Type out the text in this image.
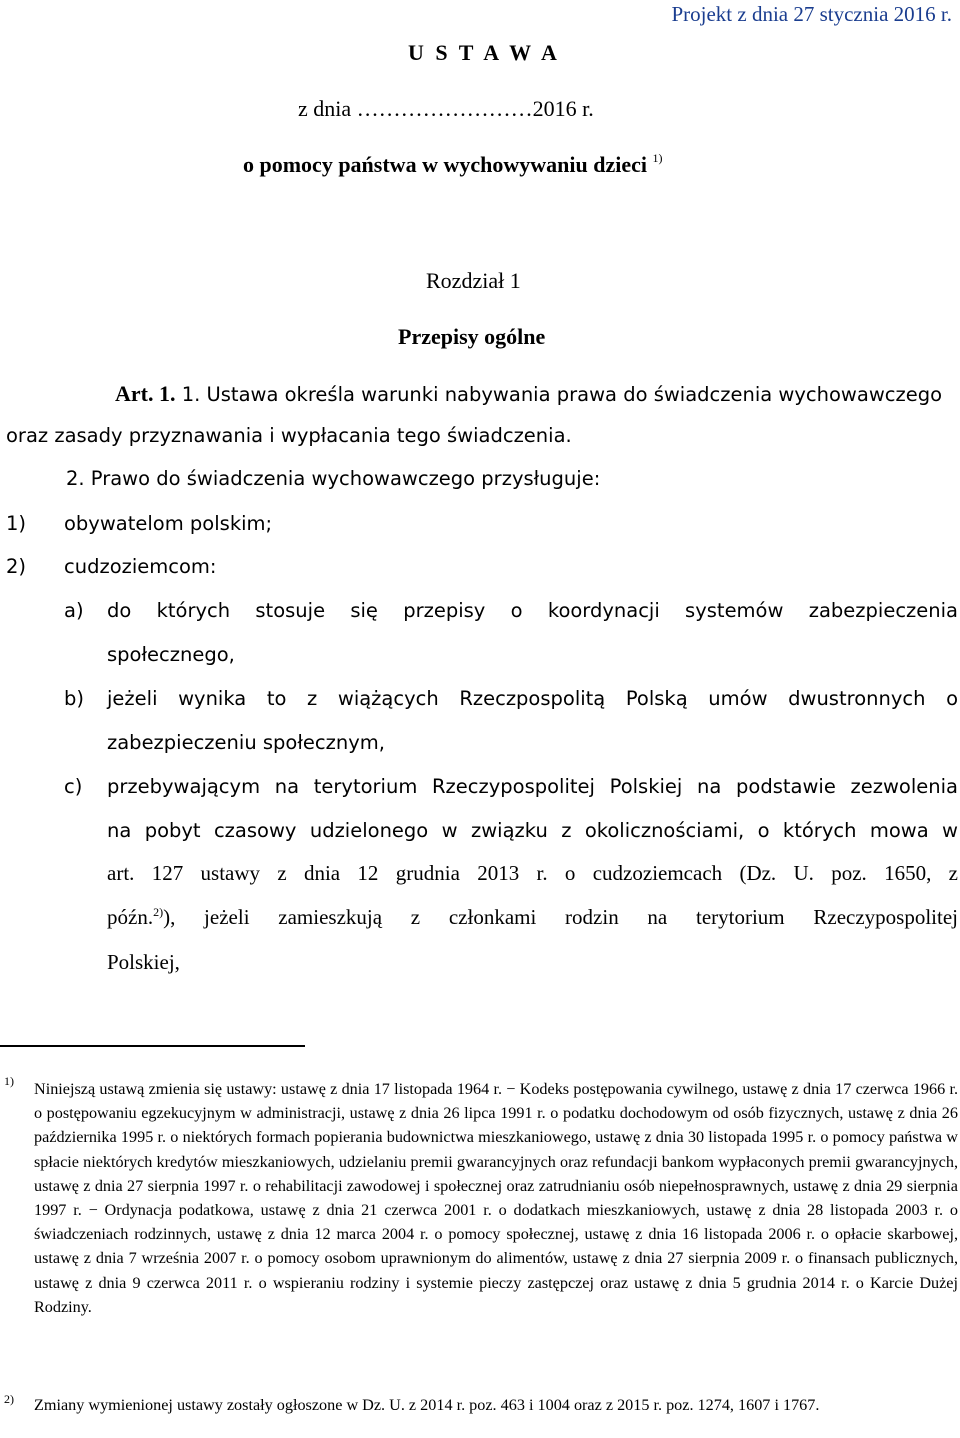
Projekt z dnia 27 stycznia 2016 r.
U S T A W A
z dnia ……………………2016 r.
o pomocy państwa w wychowywaniu dzieci $^{1)}$
Rozdział 1
Przepisy ogólne
Art. 1. 1. Ustawa określa warunki nabywania prawa do świadczenia wychowawczego
oraz zasady przyznawania i wypłacania tego świadczenia.
2. Prawo do świadczenia wychowawczego przysługuje:
1) obywatelom polskim;
2) cudzoziemcom:
a) do których stosuje się przepisy o koordynacji systemów zabezpieczenia
społecznego,
b) jeżeli wynika to z wiążących Rzeczpospolitą Polską umów dwustronnych o
zabezpieczeniu społecznym,
c) przebywającym na terytorium Rzeczypospolitej Polskiej na podstawie zezwolenia
na pobyt czasowy udzielonego w związku z okolicznościami, o których mowa w
art. 127 ustawy z dnia 12 grudnia 2013 r. o cudzoziemcach (Dz. U. poz. 1650, z
późn.$^{2)}$), jeżeli zamieszkują z członkami rodzin na terytorium Rzeczypospolitej
Polskiej,
1) Niniejszą ustawą zmienia się ustawy: ustawę z dnia 17 listopada 1964 r. − Kodeks postępowania cywilnego, ustawę z dnia 17 czerwca 1966 r. o postępowaniu egzekucyjnym w administracji, ustawę z dnia 26 lipca 1991 r. o podatku dochodowym od osób fizycznych, ustawę z dnia 26 października 1995 r. o niektórych formach popierania budownictwa mieszkaniowego, ustawę z dnia 30 listopada 1995 r. o pomocy państwa w spłacie niektórych kredytów mieszkaniowych, udzielaniu premii gwarancyjnych oraz refundacji bankom wypłaconych premii gwarancyjnych, ustawę z dnia 27 sierpnia 1997 r. o rehabilitacji zawodowej i społecznej oraz zatrudnianiu osób niepełnosprawnych, ustawę z dnia 29 sierpnia 1997 r. − Ordynacja podatkowa, ustawę z dnia 21 czerwca 2001 r. o dodatkach mieszkaniowych, ustawę z dnia 28 listopada 2003 r. o świadczeniach rodzinnych, ustawę z dnia 12 marca 2004 r. o pomocy społecznej, ustawę z dnia 16 listopada 2006 r. o opłacie skarbowej, ustawę z dnia 7 września 2007 r. o pomocy osobom uprawnionym do alimentów, ustawę z dnia 27 sierpnia 2009 r. o finansach publicznych, ustawę z dnia 9 czerwca 2011 r. o wspieraniu rodziny i systemie pieczy zastępczej oraz ustawę z dnia 5 grudnia 2014 r. o Karcie Dużej Rodziny.
2) Zmiany wymienionej ustawy zostały ogłoszone w Dz. U. z 2014 r. poz. 463 i 1004 oraz z 2015 r. poz. 1274, 1607 i 1767.
